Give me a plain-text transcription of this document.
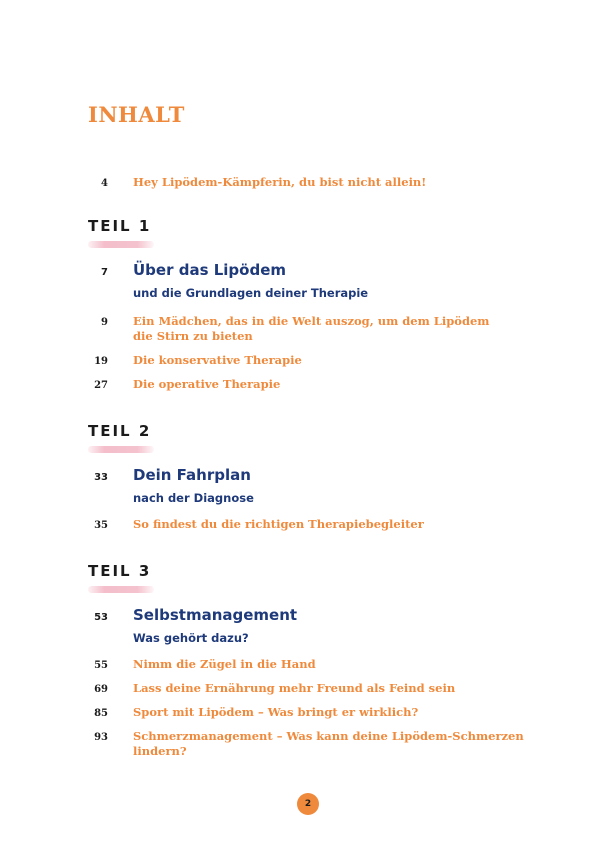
INHALT
4 Hey Lipödem-Kämpferin, du bist nicht allein!
TEIL 1
7 Über das Lipödem
und die Grundlagen deiner Therapie
9 Ein Mädchen, das in die Welt auszog, um dem Lipödem
die Stirn zu bieten
19 Die konservative Therapie
27 Die operative Therapie
TEIL 2
33 Dein Fahrplan
nach der Diagnose
35 So findest du die richtigen Therapiebegleiter
TEIL 3
53 Selbstmanagement
Was gehört dazu?
55 Nimm die Zügel in die Hand
69 Lass deine Ernährung mehr Freund als Feind sein
85 Sport mit Lipödem – Was bringt er wirklich?
93 Schmerzmanagement – Was kann deine Lipödem-Schmerzen
lindern?
2
